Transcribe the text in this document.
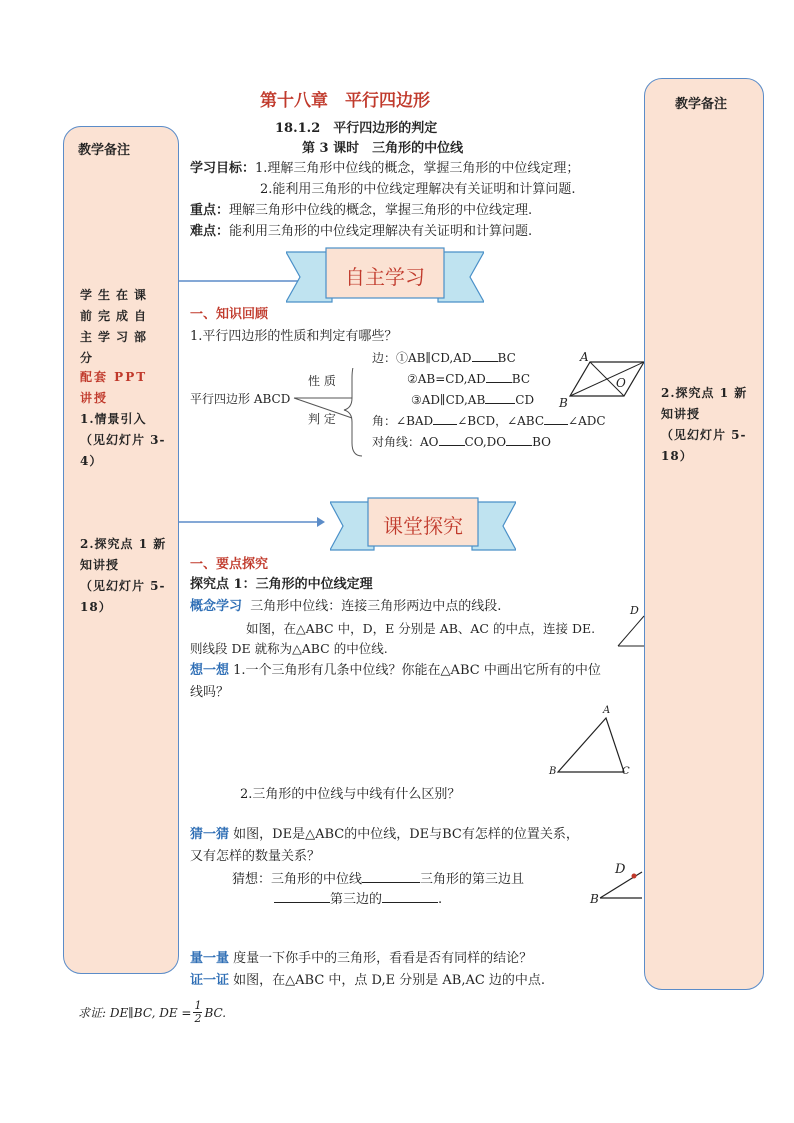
教学备注
学生在课前完成自主学习部分
配套 PPT 讲授
1.情景引入
（见幻灯片 3-4）
2.探究点 1 新知讲授
（见幻灯片 5-18）
教学备注
2.探究点 1 新知讲授
（见幻灯片 5-18）
第十八章　平行四边形
18.1.2　平行四边形的判定
第 3 课时　三角形的中位线
学习目标：1.理解三角形中位线的概念，掌握三角形的中位线定理；
2.能利用三角形的中位线定理解决有关证明和计算问题.
重点：理解三角形中位线的概念，掌握三角形的中位线定理.
难点：能利用三角形的中位线定理解决有关证明和计算问题.
自主学习
课堂探究
一、知识回顾
1.平行四边形的性质和判定有哪些？
平行四边形 ABCD
性 质
判 定
边：①AB∥CD,AD BC
②AB=CD,AD BC
③AD∥CD,AB	CD
角：∠BAD ∠BCD，∠ABC ∠ADC
对角线：AO CO,DO BO
A
B
O
一、要点探究
探究点 1：三角形的中位线定理
概念学习 三角形中位线：连接三角形两边中点的线段.
如图，在△ABC 中，D，E 分别是 AB、AC 的中点，连接 DE.
则线段 DE 就称为△ABC 的中位线.
D
想一想 1.一个三角形有几条中位线？你能在△ABC 中画出它所有的中位
线吗？
A
B	C
2.三角形的中位线与中线有什么区别？
猜一猜 如图，DE是△ABC的中位线，DE与BC有怎样的位置关系，
又有怎样的数量关系？
猜想：三角形的中位线	三角形的第三边且
第三边的	.
D
B
量一量 度量一下你手中的三角形，看看是否有同样的结论？
证一证 如图，在△ABC 中，点 D,E 分别是 AB,AC 边的中点.
求证: DE∥BC, DE = $\frac{1}{2}$ BC.
